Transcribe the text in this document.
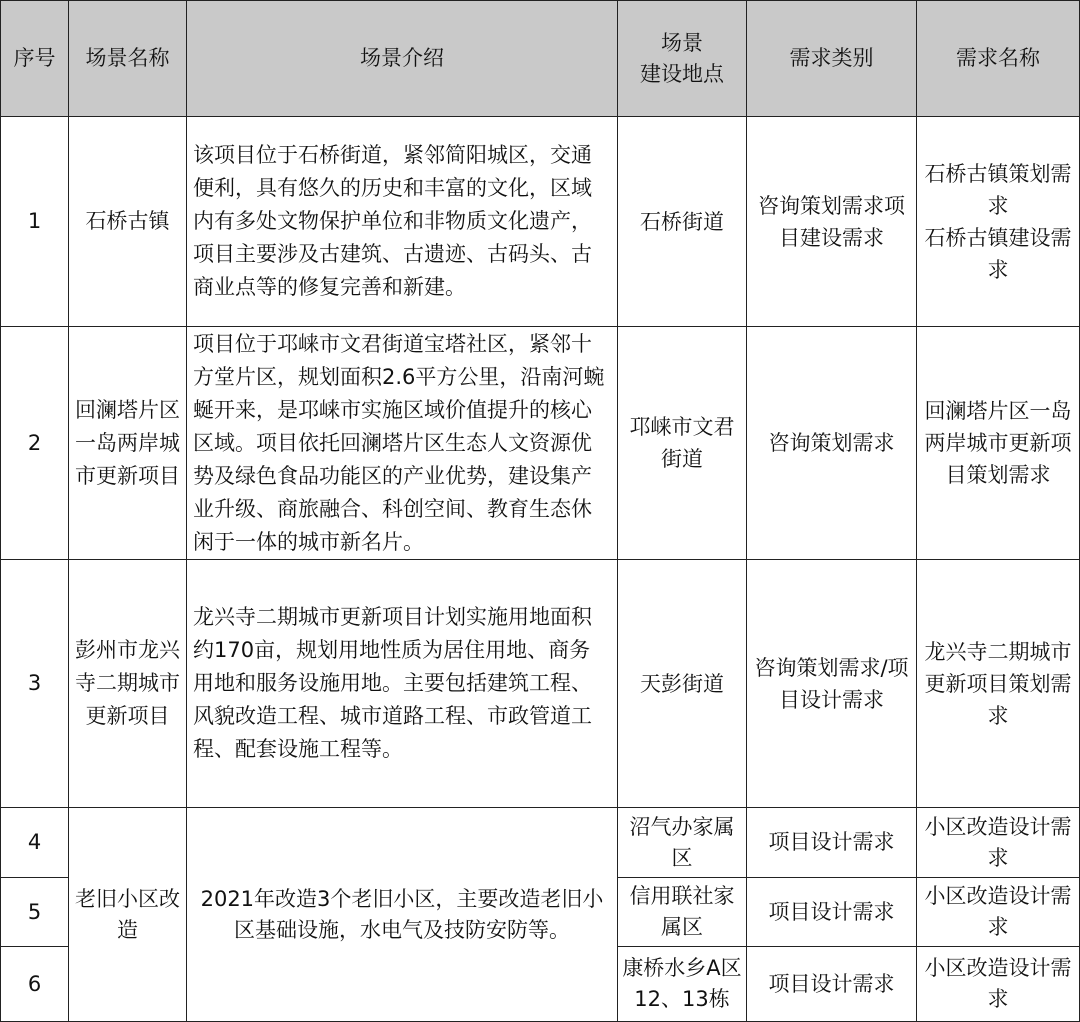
序号	场景名称	场景介绍	场景
建设地点	需求类别	需求名称
1	石桥古镇	该项目位于石桥街道，紧邻简阳城区，交通便利，具有悠久的历史和丰富的文化，区域内有多处文物保护单位和非物质文化遗产，项目主要涉及古建筑、古遗迹、古码头、古商业点等的修复完善和新建。	石桥街道	咨询策划需求项目建设需求	石桥古镇策划需求
石桥古镇建设需求
2	回澜塔片区一岛两岸城市更新项目	项目位于邛崃市文君街道宝塔社区，紧邻十方堂片区，规划面积2.6平方公里，沿南河蜿蜒开来，是邛崃市实施区域价值提升的核心区域。项目依托回澜塔片区生态人文资源优势及绿色食品功能区的产业优势，建设集产业升级、商旅融合、科创空间、教育生态休闲于一体的城市新名片。	邛崃市文君街道	咨询策划需求	回澜塔片区一岛两岸城市更新项目策划需求
3	彭州市龙兴寺二期城市更新项目	龙兴寺二期城市更新项目计划实施用地面积约170亩，规划用地性质为居住用地、商务用地和服务设施用地。主要包括建筑工程、风貌改造工程、城市道路工程、市政管道工程、配套设施工程等。	天彭街道	咨询策划需求/项目设计需求	龙兴寺二期城市更新项目策划需求
4	老旧小区改造	2021年改造3个老旧小区，主要改造老旧小区基础设施，水电气及技防安防等。	沼气办家属区	项目设计需求	小区改造设计需求
5			信用联社家属区	项目设计需求	小区改造设计需求
6			康桥水乡A区12、13栋	项目设计需求	小区改造设计需求
